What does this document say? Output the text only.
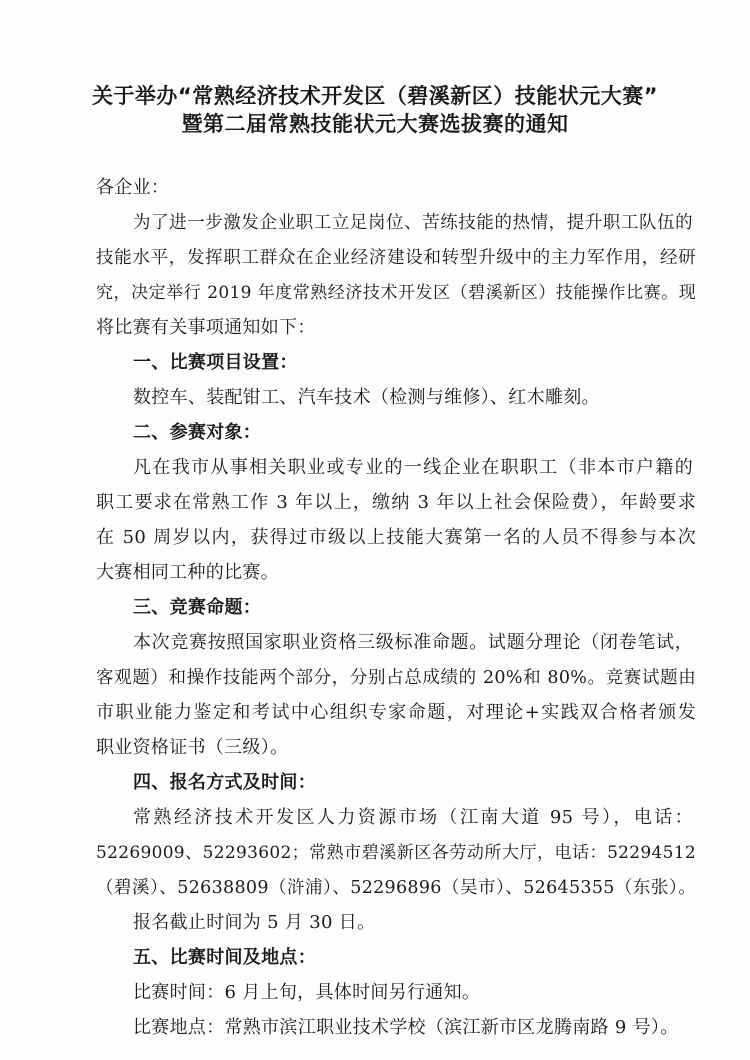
关于举办“常熟经济技术开发区（碧溪新区）技能状元大赛”
暨第二届常熟技能状元大赛选拔赛的通知
各企业：
为了进一步激发企业职工立足岗位、苦练技能的热情，提升职工队伍的
技能水平，发挥职工群众在企业经济建设和转型升级中的主力军作用，经研
究，决定举行 2019 年度常熟经济技术开发区（碧溪新区）技能操作比赛。现
将比赛有关事项通知如下：
一、比赛项目设置：
数控车、装配钳工、汽车技术（检测与维修）、红木雕刻。
二、参赛对象：
凡在我市从事相关职业或专业的一线企业在职职工（非本市户籍的
职工要求在常熟工作 3 年以上，缴纳 3 年以上社会保险费），年龄要求
在 50 周岁以内，获得过市级以上技能大赛第一名的人员不得参与本次
大赛相同工种的比赛。
三、竞赛命题：
本次竞赛按照国家职业资格三级标准命题。试题分理论（闭卷笔试，
客观题）和操作技能两个部分，分别占总成绩的 20%和 80%。竞赛试题由
市职业能力鉴定和考试中心组织专家命题，对理论+实践双合格者颁发
职业资格证书（三级）。
四、报名方式及时间：
常熟经济技术开发区人力资源市场（江南大道 95 号），电话：
52269009、52293602；常熟市碧溪新区各劳动所大厅，电话：52294512
（碧溪）、52638809（浒浦）、52296896（吴市）、52645355（东张）。
报名截止时间为 5 月 30 日。
五、比赛时间及地点：
比赛时间：6 月上旬，具体时间另行通知。
比赛地点：常熟市滨江职业技术学校（滨江新市区龙腾南路 9 号）。
